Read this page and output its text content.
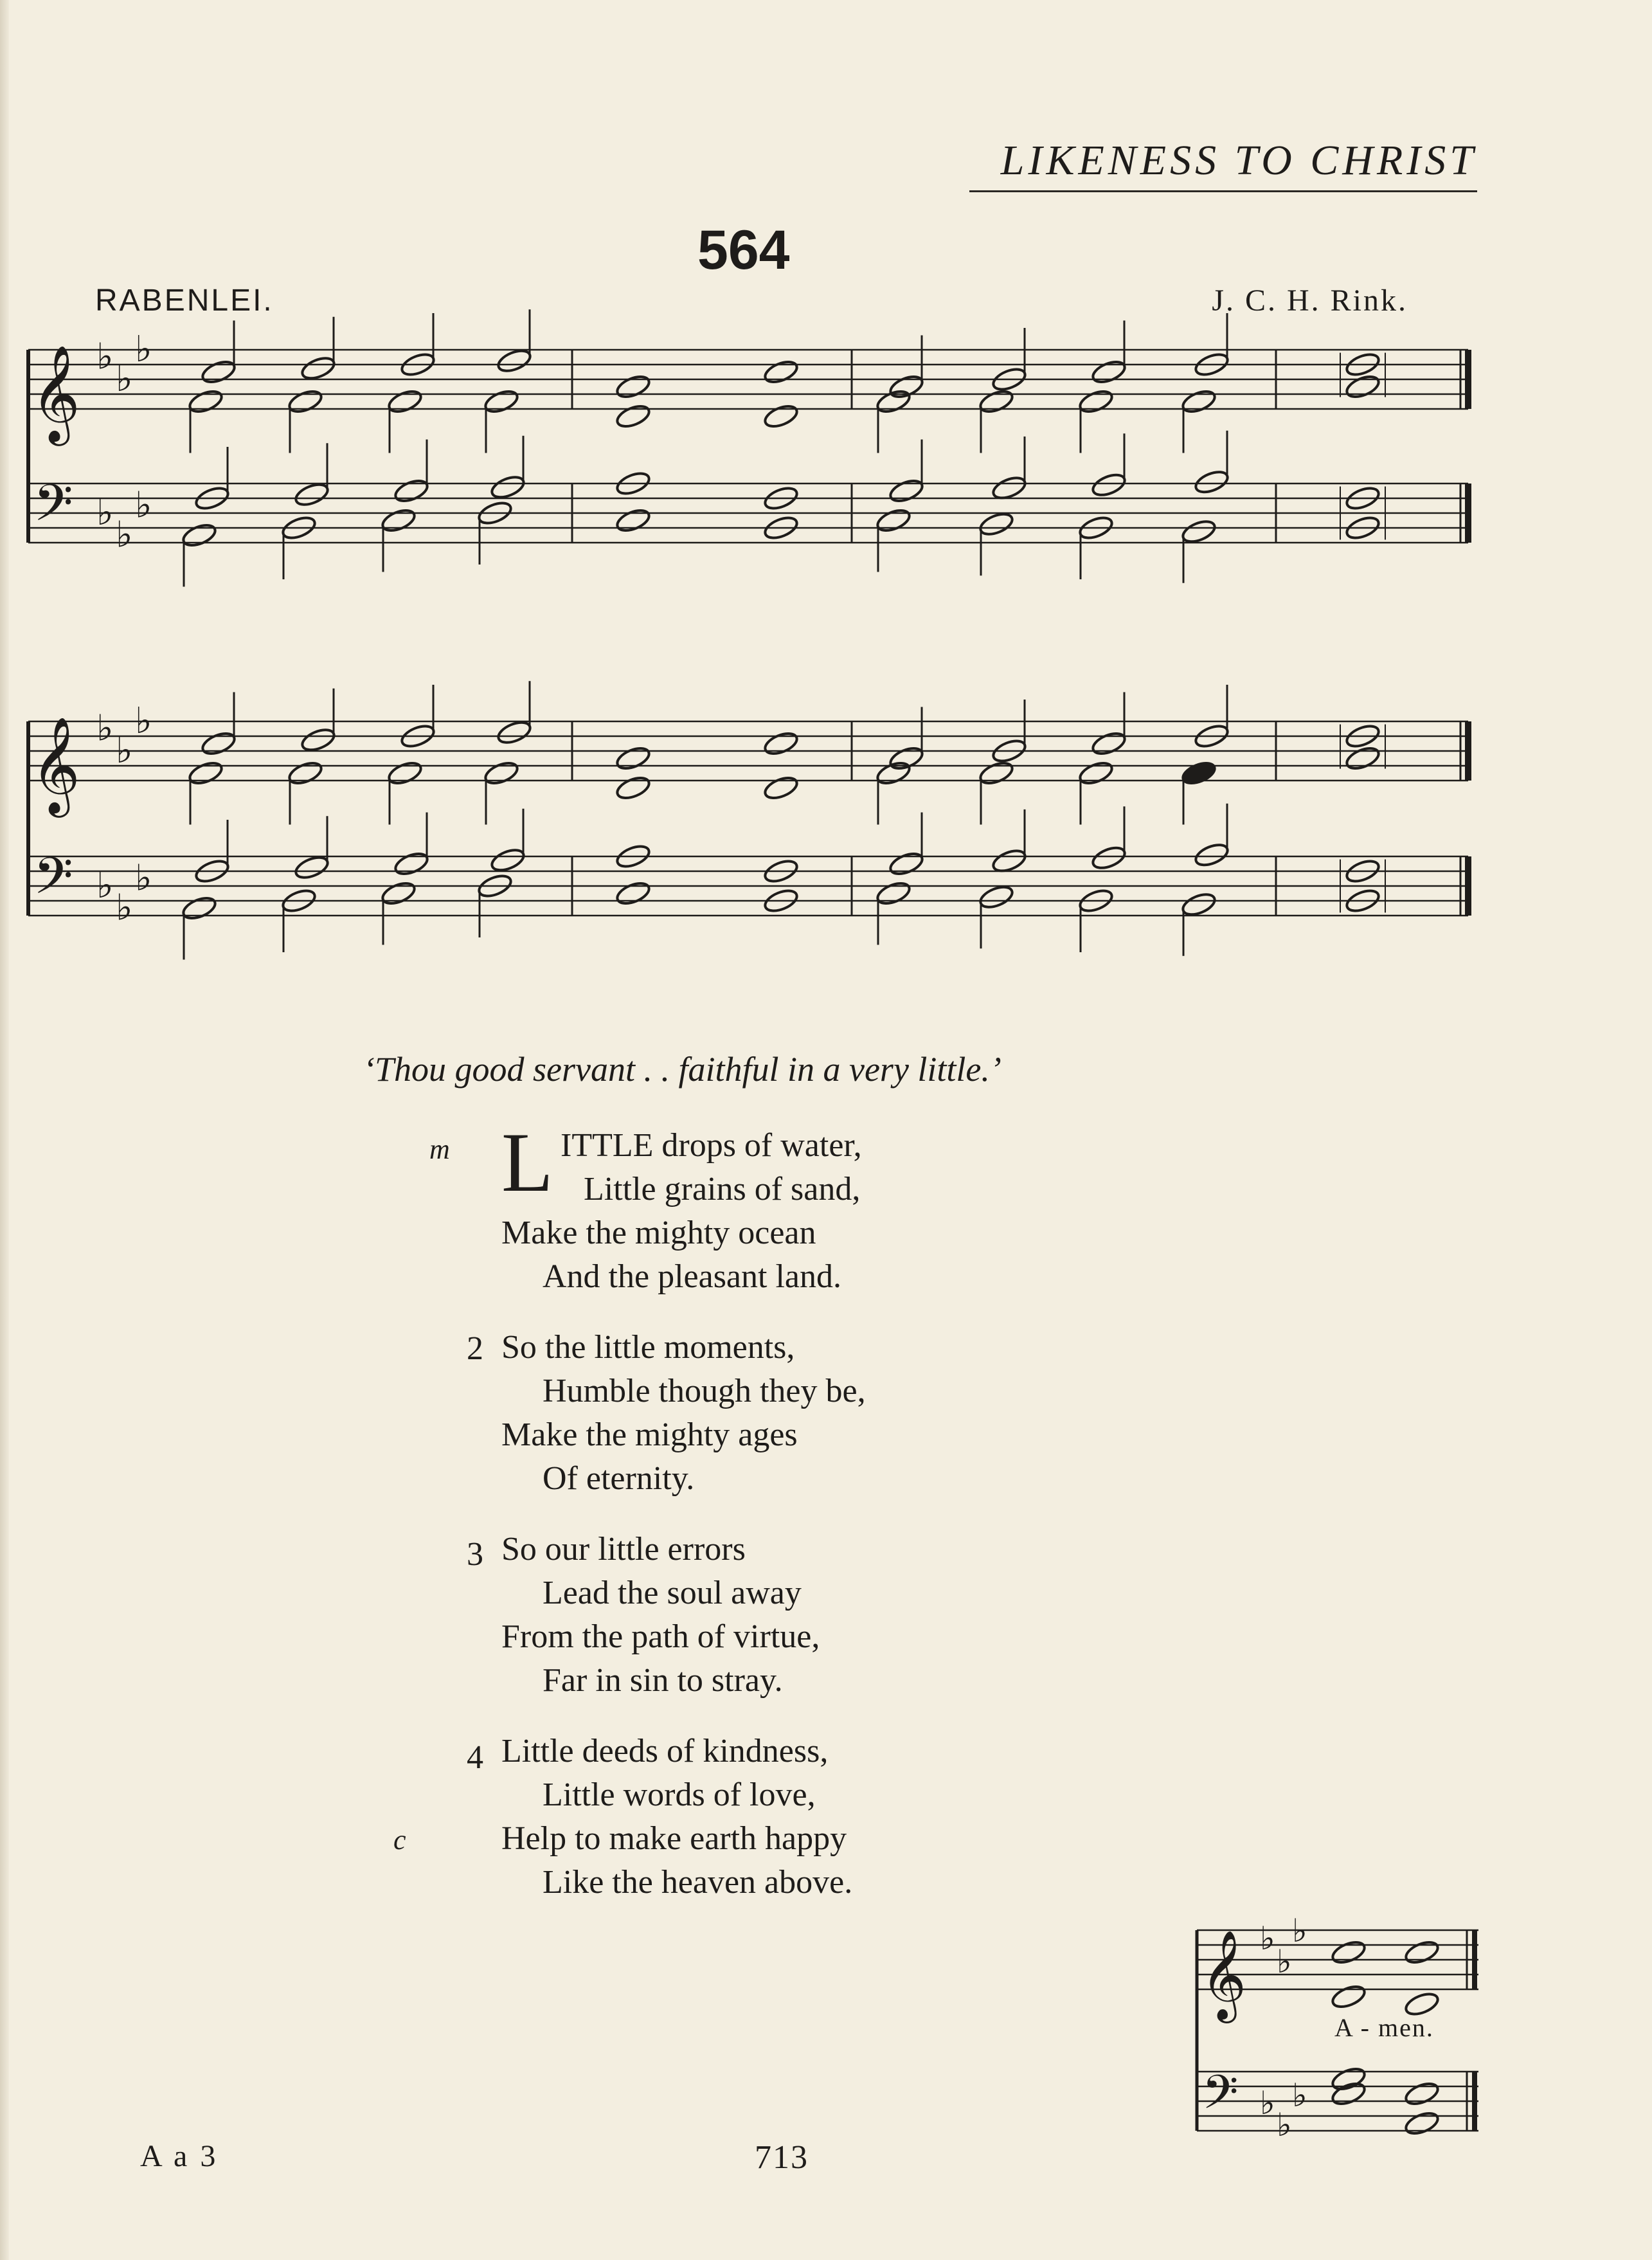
LIKENESS TO CHRIST
564
RABENLEI.	J. C. H. Rink.
𝄞
𝄢
♭
♭
♭
♭
♭
♭
𝄞
𝄢
♭
♭
♭
♭
♭
♭
𝄞
𝄢
♭
♭
♭
♭
♭
♭
‘Thou good servant . . faithful in a very little.’
m
c
L ITTLE drops of water,
Little grains of sand,
Make the mighty ocean
And the pleasant land.
2 So the little moments,
Humble though they be,
Make the mighty ages
Of eternity.
3 So our little errors
Lead the soul away
From the path of virtue,
Far in sin to stray.
4 Little deeds of kindness,
Little words of love,
Help to make earth happy
Like the heaven above.
A - men.
A a 3	713
